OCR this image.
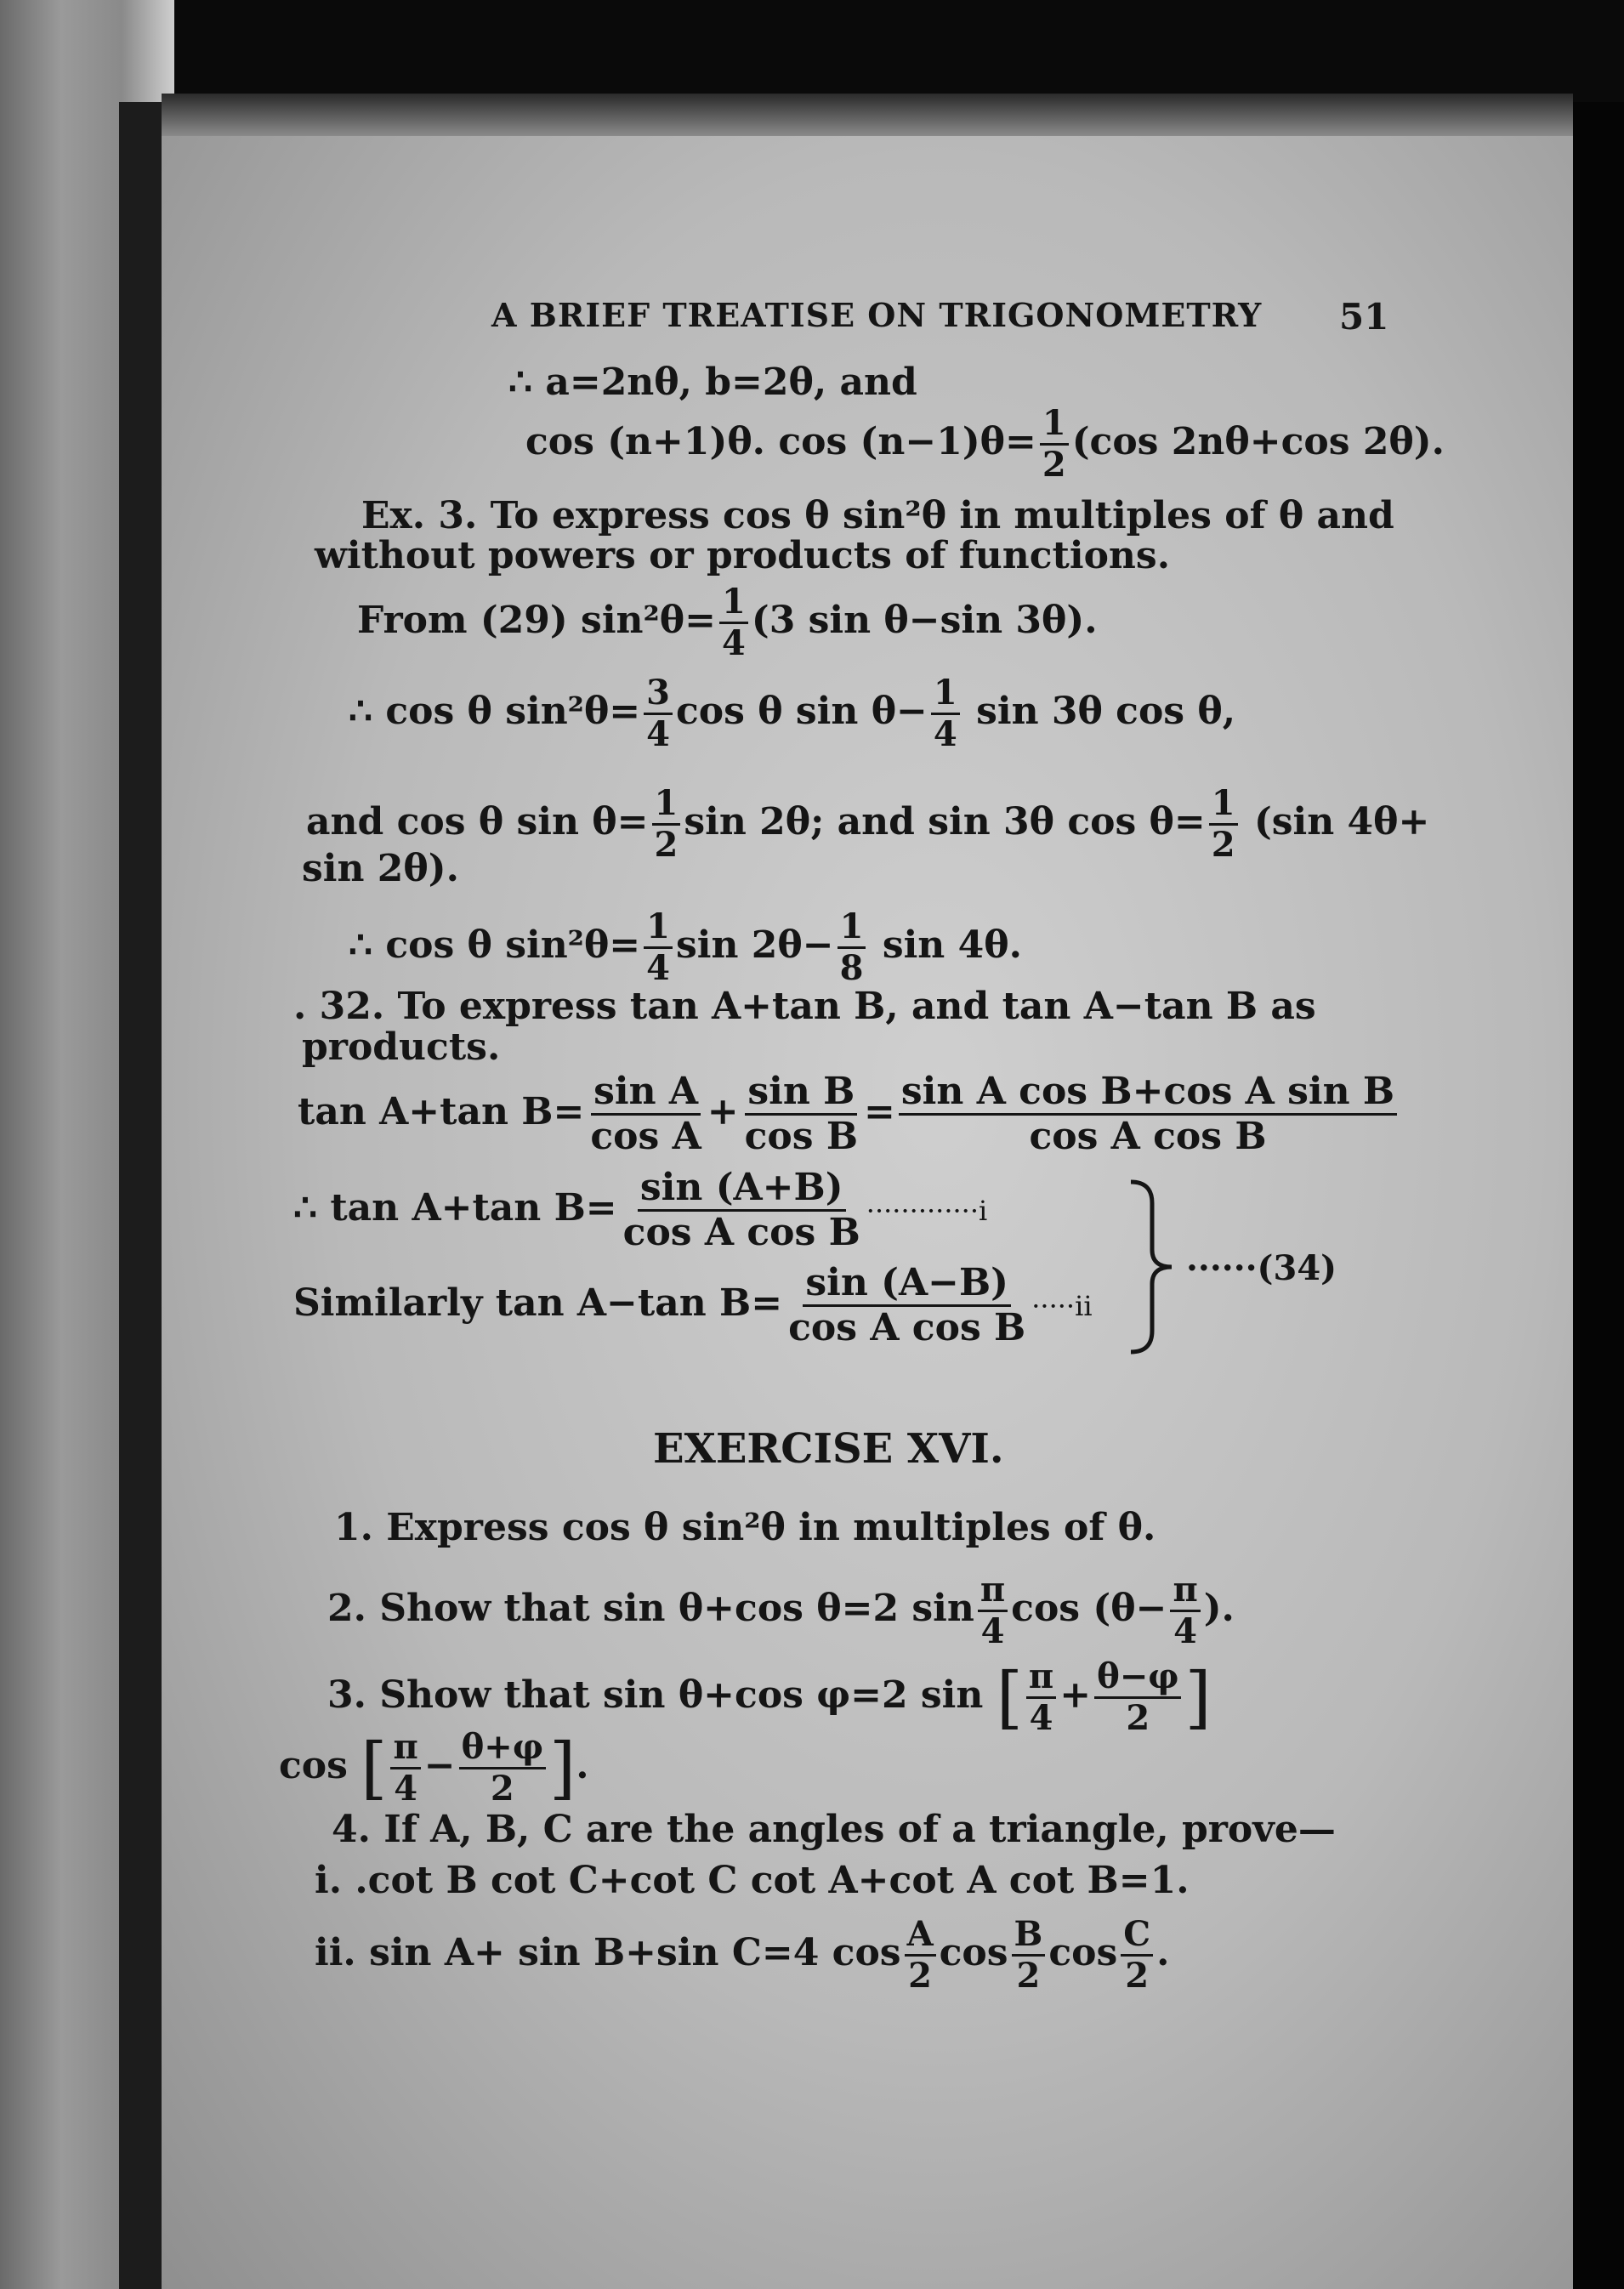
A BRIEF TREATISE ON TRIGONOMETRY 51
∴ a=2nθ, b=2θ, and
cos (n+1)θ. $\cos (n-1)\theta= \frac{1}{2} (\cos$ 2nθ+cos 2θ).
Ex. 3. To express cos θ sin²θ in multiples of θ and
without powers or products of functions.
From (29) $\sin^2\theta= \frac{1}{4} (3$ sin θ−sin 3θ).
∴ cos θ $\sin^2\theta= \frac{3}{4}$ cos θ $\sin \theta- \frac{1}{4}$ sin 3θ cos θ,
and cos θ $\sin \theta= \frac{1}{2}$ sin 2θ; and sin 3θ $\cos \theta= \frac{1}{2} (\sin$ 4θ+
sin 2θ).
∴ cos θ $\sin^2\theta= \frac{1}{4}$ $\sin 2\theta- \frac{1}{8}$ sin 4θ.
. 32. To express tan A+tan B, and tan A−tan B as
products.
tan A+tan $B= \frac{\text{sin A}}{\text{cos A}} + \frac{\text{sin B}}{\text{cos B}} = \frac{\text{sin A cos B+cos A sin B}}{\text{cos A cos B}}$
∴ tan A+tan $B= \frac{\sin (A+B)}{\text{cos A cos B}} \cdot\cdot\cdot\cdot\cdot\cdot\cdot\cdot\cdot\cdot\cdot\cdot\cdot i$
Similarly tan A−tan $B= \frac{\sin (A-B)}{\text{cos A cos B}} \cdot\cdot\cdot\cdot\cdot ii$
······(34)
EXERCISE XVI.
1. Express cos θ sin²θ in multiples of θ.
2. Show that sin θ+cos θ=2 $\sin \frac{\pi}{4}$ $\cos (\theta- \frac{\pi}{4}$ ).
3. Show that sin θ+cos φ=2 sin [ $\frac{\pi}{4} + \frac{\theta-\varphi}{2}$ ]
cos [ $\frac{\pi}{4} - \frac{\theta+\varphi}{2}$ ].
4. If A, B, C are the angles of a triangle, prove—
i. .cot B cot C+cot C cot A+cot A cot B=1.
ii. sin A+ sin B+sin C=4 $\cos \frac{A}{2}$ $\cos \frac{B}{2}$ $\cos \frac{C}{2}$ .
